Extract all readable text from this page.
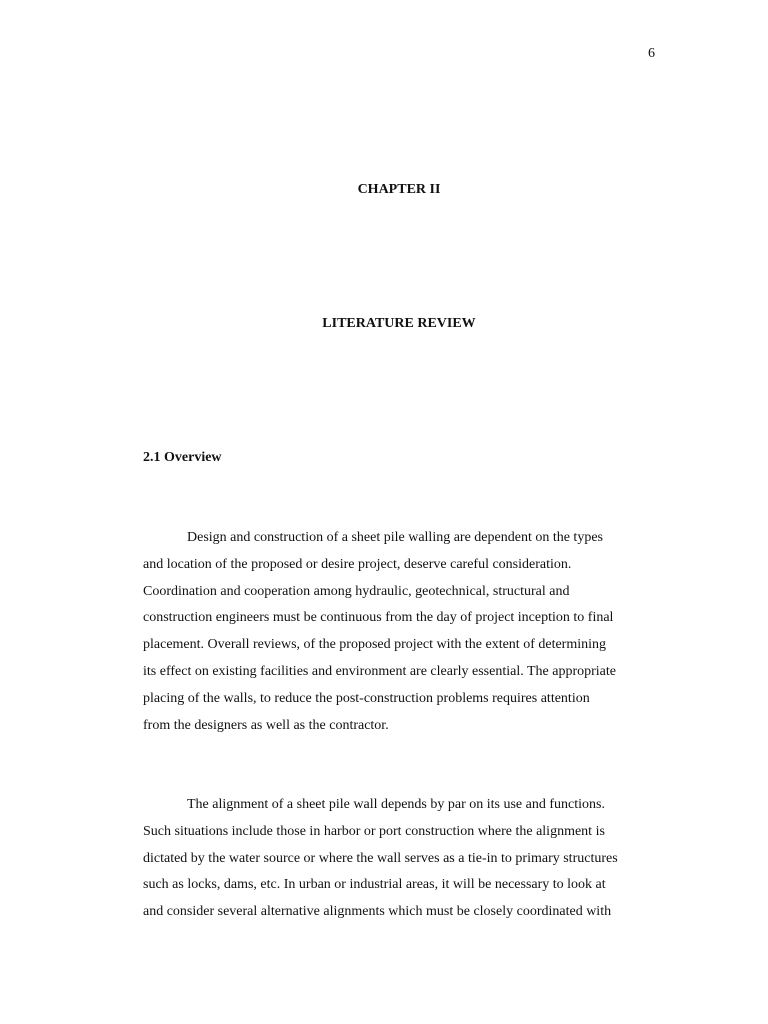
6
CHAPTER II
LITERATURE REVIEW
2.1 Overview
Design and construction of a sheet pile walling are dependent on the types
and location of the proposed or desire project, deserve careful consideration.
Coordination and cooperation among hydraulic, geotechnical, structural and
construction engineers must be continuous from the day of project inception to final
placement. Overall reviews, of the proposed project with the extent of determining
its effect on existing facilities and environment are clearly essential. The appropriate
placing of the walls, to reduce the post-construction problems requires attention
from the designers as well as the contractor.
The alignment of a sheet pile wall depends by par on its use and functions.
Such situations include those in harbor or port construction where the alignment is
dictated by the water source or where the wall serves as a tie-in to primary structures
such as locks, dams, etc. In urban or industrial areas, it will be necessary to look at
and consider several alternative alignments which must be closely coordinated with
